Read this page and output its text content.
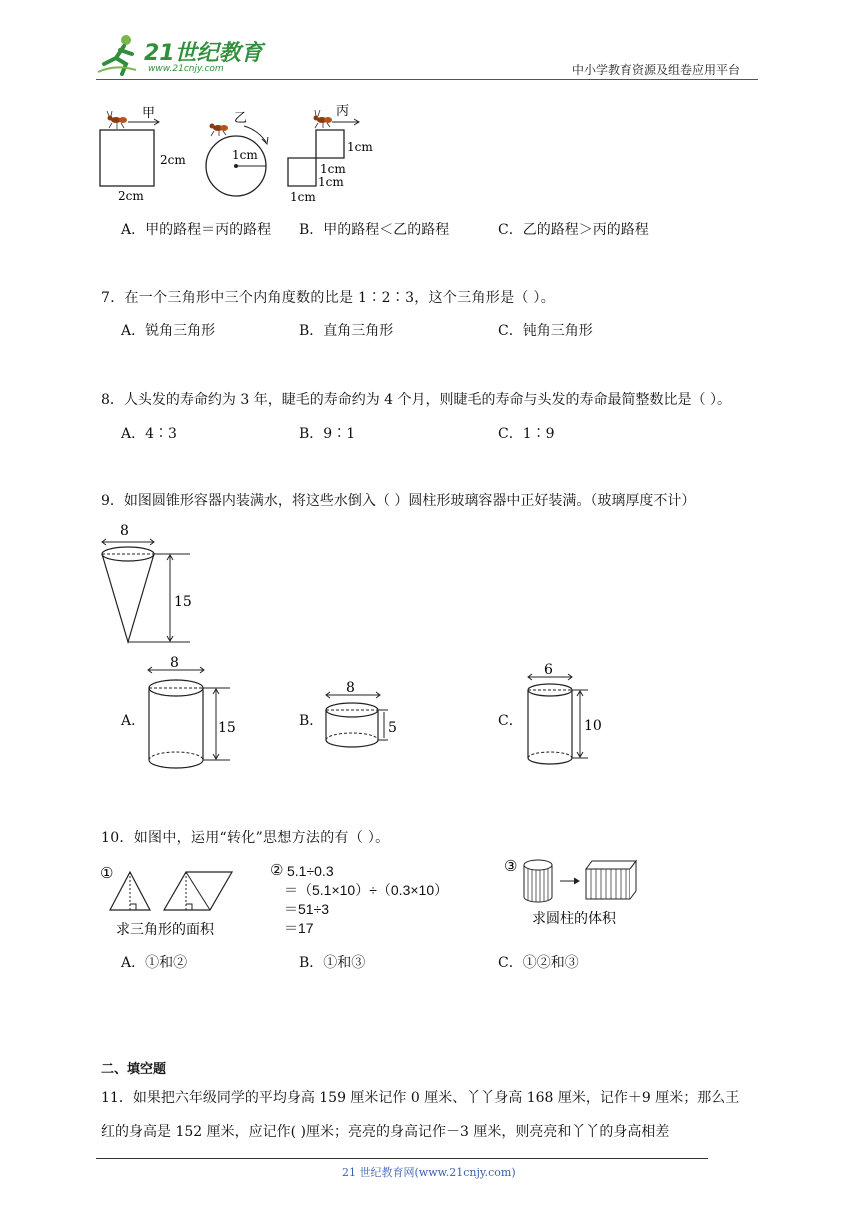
21世纪教育
www.21cnjy.com	中小学教育资源及组卷应用平台
甲
2cm
2cm
乙
1cm
丙
1cm
1cm
1cm
1cm
A．甲的路程＝丙的路程 B．甲的路程＜乙的路程	C．乙的路程＞丙的路程
7．在一个三角形中三个内角度数的比是 1∶2∶3，这个三角形是（ ）。
A．锐角三角形	B．直角三角形	C．钝角三角形
8．人头发的寿命约为 3 年，睫毛的寿命约为 4 个月，则睫毛的寿命与头发的寿命最简整数比是（ ）。
A．4∶3	B．9∶1	C．1∶9
9．如图圆锥形容器内装满水，将这些水倒入（ ）圆柱形玻璃容器中正好装满。（玻璃厚度不计）
8
15
A．
8
15	B．
8
5	C．
6
10
10．如图中，运用“转化”思想方法的有（ ）。
①
求三角形的面积
② 5.1÷0.3
＝（5.1×10）÷（0.3×10）
＝51÷3
＝17
③
求圆柱的体积
A．①和②	B．①和③	C．①②和③
二、填空题
11．如果把六年级同学的平均身高 159 厘米记作 0 厘米、丫丫身高 168 厘米，记作＋9 厘米；那么王
红的身高是 152 厘米，应记作( )厘米；亮亮的身高记作－3 厘米，则亮亮和丫丫的身高相差
21 世纪教育网(www.21cnjy.com)
